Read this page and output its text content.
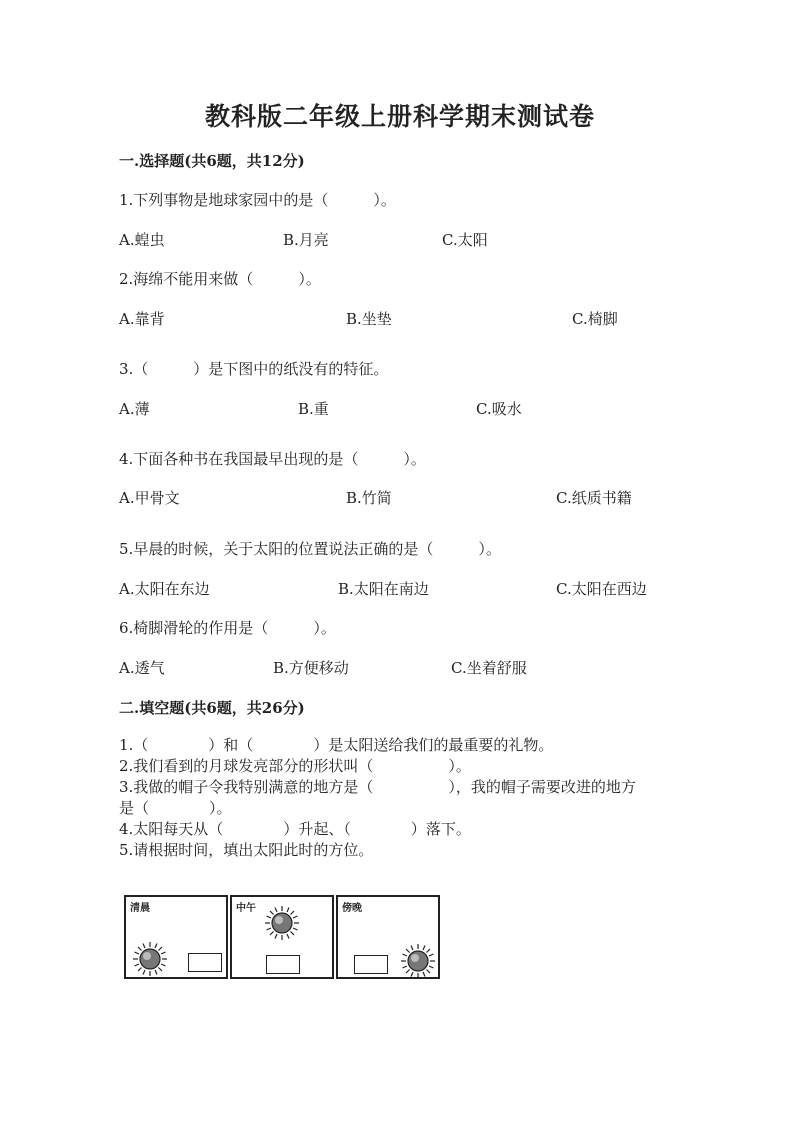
教科版二年级上册科学期末测试卷
一.选择题(共6题，共12分)
1.下列事物是地球家园中的是（　　　）。
A.蝗虫	B.月亮	C.太阳
2.海绵不能用来做（　　　）。
A.靠背	B.坐垫	C.椅脚
3.（　　　）是下图中的纸没有的特征。
A.薄	B.重	C.吸水
4.下面各种书在我国最早出现的是（　　　）。
A.甲骨文	B.竹简	C.纸质书籍
5.早晨的时候，关于太阳的位置说法正确的是（　　　）。
A.太阳在东边	B.太阳在南边	C.太阳在西边
6.椅脚滑轮的作用是（　　　）。
A.透气	B.方便移动	C.坐着舒服
二.填空题(共6题，共26分)
1.（　　　　）和（　　　　）是太阳送给我们的最重要的礼物。
2.我们看到的月球发亮部分的形状叫（　　　　　）。
3.我做的帽子令我特别满意的地方是（　　　　　），我的帽子需要改进的地方
是（　　　　）。
4.太阳每天从（　　　　）升起、（　　　　）落下。
5.请根据时间，填出太阳此时的方位。
清晨	中午	傍晚
